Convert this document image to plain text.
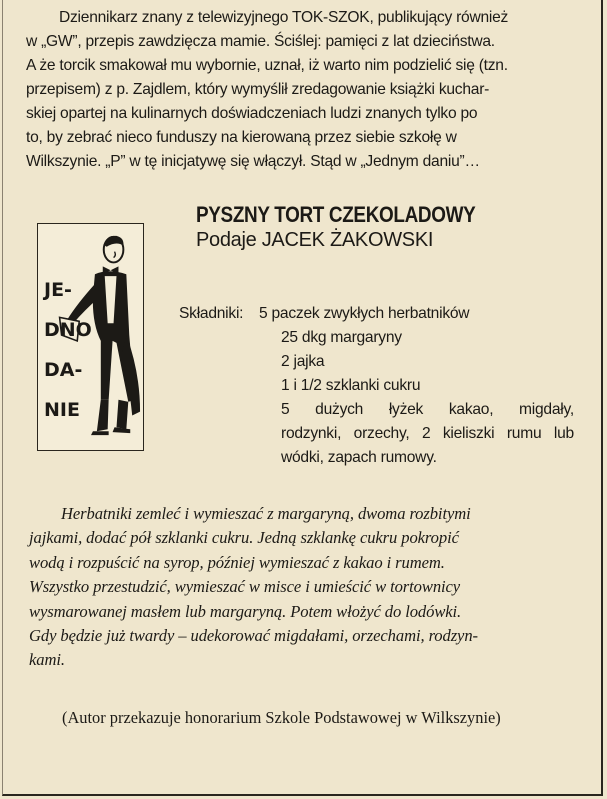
Dziennikarz znany z telewizyjnego TOK-SZOK, publikujący również
w „GW”, przepis zawdzięcza mamie. Ściślej: pamięci z lat dzieciństwa.
A że torcik smakował mu wybornie, uznał, iż warto nim podzielić się (tzn.
przepisem) z p. Zajdlem, który wymyślił zredagowanie książki kuchar-
skiej opartej na kulinarnych doświadczeniach ludzi znanych tylko po
to, by zebrać nieco funduszy na kierowaną przez siebie szkołę w
Wilkszynie. „P” w tę inicjatywę się włączył. Stąd w „Jednym daniu”…

JE-
DNO
DA-
NIE
PYSZNY TORT CZEKOLADOWY
Podaje JACEK ŻAKOWSKI
Składniki: 5 paczek zwykłych herbatników
25 dkg margaryny
2 jajka
1 i 1/2 szklanki cukru
5 dużych łyżek kakao, migdały,
rodzynki, orzechy, 2 kieliszki rumu lub
wódki, zapach rumowy.
Herbatniki zemleć i wymieszać z margaryną, dwoma rozbitymi
jajkami, dodać pół szklanki cukru. Jedną szklankę cukru pokropić
wodą i rozpuścić na syrop, później wymieszać z kakao i rumem.
Wszystko przestudzić, wymieszać w misce i umieścić w tortownicy
wysmarowanej masłem lub margaryną. Potem włożyć do lodówki.
Gdy będzie już twardy – udekorować migdałami, orzechami, rodzyn-
kami.
(Autor przekazuje honorarium Szkole Podstawowej w Wilkszynie)
